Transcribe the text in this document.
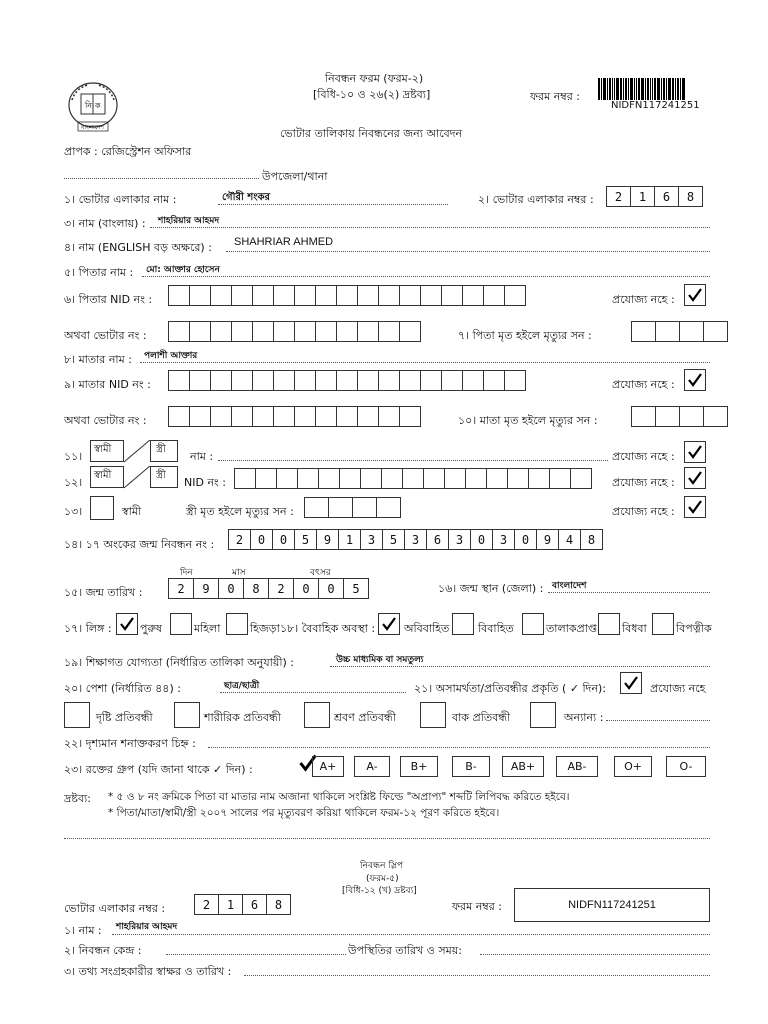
নি ক
বাংলাদেশ
নিবন্ধন ফরম (ফরম-২)
[বিধি-১০ ও ২৬(২) দ্রষ্টব্য]	ফরম নম্বর :
NIDFN117241251
ভোটার তালিকায় নিবন্ধনের জন্য আবেদন
প্রাপক : রেজিস্ট্রেশন অফিসার
উপজেলা/থানা
১। ভোটার এলাকার নাম :	গৌরী শংকর	২। ভোটার এলাকার নম্বর :	2	1	6	8
৩। নাম (বাংলায়) : শাহরিয়ার আহমদ
৪। নাম (ENGLISH বড় অক্ষরে) : SHAHRIAR AHMED
৫। পিতার নাম : মো: আক্তার হোসেন
৬। পিতার NID নং :	প্রযোজ্য নহে :
অথবা ভোটার নং :	৭। পিতা মৃত হইলে মৃত্যুর সন :
৮। মাতার নাম : পলাশী আক্তার
৯। মাতার NID নং :	প্রযোজ্য নহে :
অথবা ভোটার নং :	১০। মাতা মৃত হইলে মৃত্যুর সন :
১১।
স্বামী	স্ত্রী
নাম :	প্রযোজ্য নহে :
১২।
স্বামী	স্ত্রী
NID নং :	প্রযোজ্য নহে :
১৩।	স্বামী	স্ত্রী মৃত হইলে মৃত্যুর সন :	প্রযোজ্য নহে :
১৪। ১৭ অংকের জন্ম নিবন্ধন নং :	2	0	0	5	9	1	3	5	3	6	3	0	3	0	9	4	8
দিন	মাস	বৎসর
১৫। জন্ম তারিখ :	2	9	0	8	2	0	0	5	১৬। জন্ম স্থান (জেলা) : বাংলাদেশ
১৭। লিঙ্গ :	পুরুষ	মহিলা	হিজড়া ১৮। বৈবাহিক অবস্থা :	অবিবাহিত	বিবাহিত	তালাকপ্রাপ্ত বিধবা	বিপত্নীক
১৯। শিক্ষাগত যোগ্যতা (নির্ধারিত তালিকা অনুযায়ী) :	উচ্চ মাধ্যমিক বা সমতুল্য
২০। পেশা (নির্ধারিত ৪৪) :	ছাত্র/ছাত্রী	২১। অসামর্থতা/প্রতিবন্ধীর প্রকৃতি ( ✓ দিন):	প্রযোজ্য নহে
দৃষ্টি প্রতিবন্ধী	শারীরিক প্রতিবন্ধী	শ্রবণ প্রতিবন্ধী	বাক প্রতিবন্ধী	অন্যান্য :
২২। দৃশ্যমান শনাক্তকরণ চিহ্ন :
২৩। রক্তের গ্রুপ (যদি জানা থাকে ✓ দিন) :	A+	A-	B+	B-	AB+	AB-	O+	O-
দ্রষ্টব্য: * ৫ ও ৮ নং ক্রমিকে পিতা বা মাতার নাম অজানা থাকিলে সংশ্লিষ্ট ফিল্ডে "অপ্রাপ্য" শব্দটি লিপিবদ্ধ করিতে হইবে।
* পিতা/মাতা/স্বামী/স্ত্রী ২০০৭ সালের পর মৃত্যুবরণ করিয়া থাকিলে ফরম-১২ পূরণ করিতে হইবে।
নিবন্ধন স্লিপ
(ফরম-৫)
[বিধি-১২ (খ) দ্রষ্টব্য]
ভোটার এলাকার নম্বর :	2	1	6	8	ফরম নম্বর :	NIDFN117241251
১। নাম : শাহরিয়ার আহমদ
২। নিবন্ধন কেন্দ্র :	উপস্থিতির তারিখ ও সময়:
৩। তথ্য সংগ্রহকারীর স্বাক্ষর ও তারিখ :
